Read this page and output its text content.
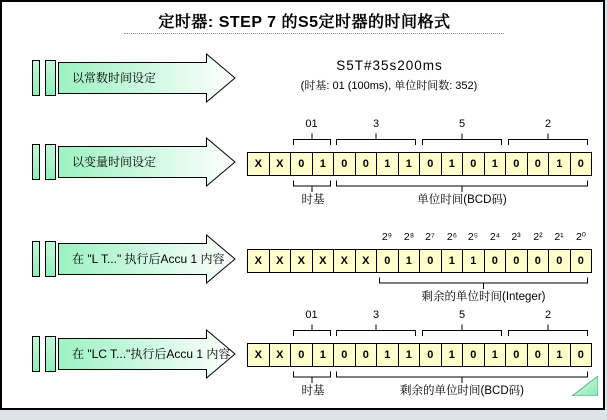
定时器: STEP 7 的S5定时器的时间格式
以常数时间设定
S5T#35s200ms
(时基: 01 (100ms), 单位时间数: 352)
以变量时间设定
01	3	5	2
X	X	0	1	0	0	1	1	0	1	0	1	0	0	1	0
时基	单位时间(BCD码)
在 "L T..." 执行后Accu 1 内容
2⁹	2⁸	2⁷	2⁶	2⁵	2⁴	2³	2²	2¹	2⁰
X	X	X	X	X	X	0	1	0	1	1	0	0	0	0	0
剩余的单位时间(Integer)
在 "LC T..."执行后Accu 1 内容
01	3	5	2
X	X	0	1	0	0	1	1	0	1	0	1	0	0	1	0
时基	剩余的单位时间(BCD码)
